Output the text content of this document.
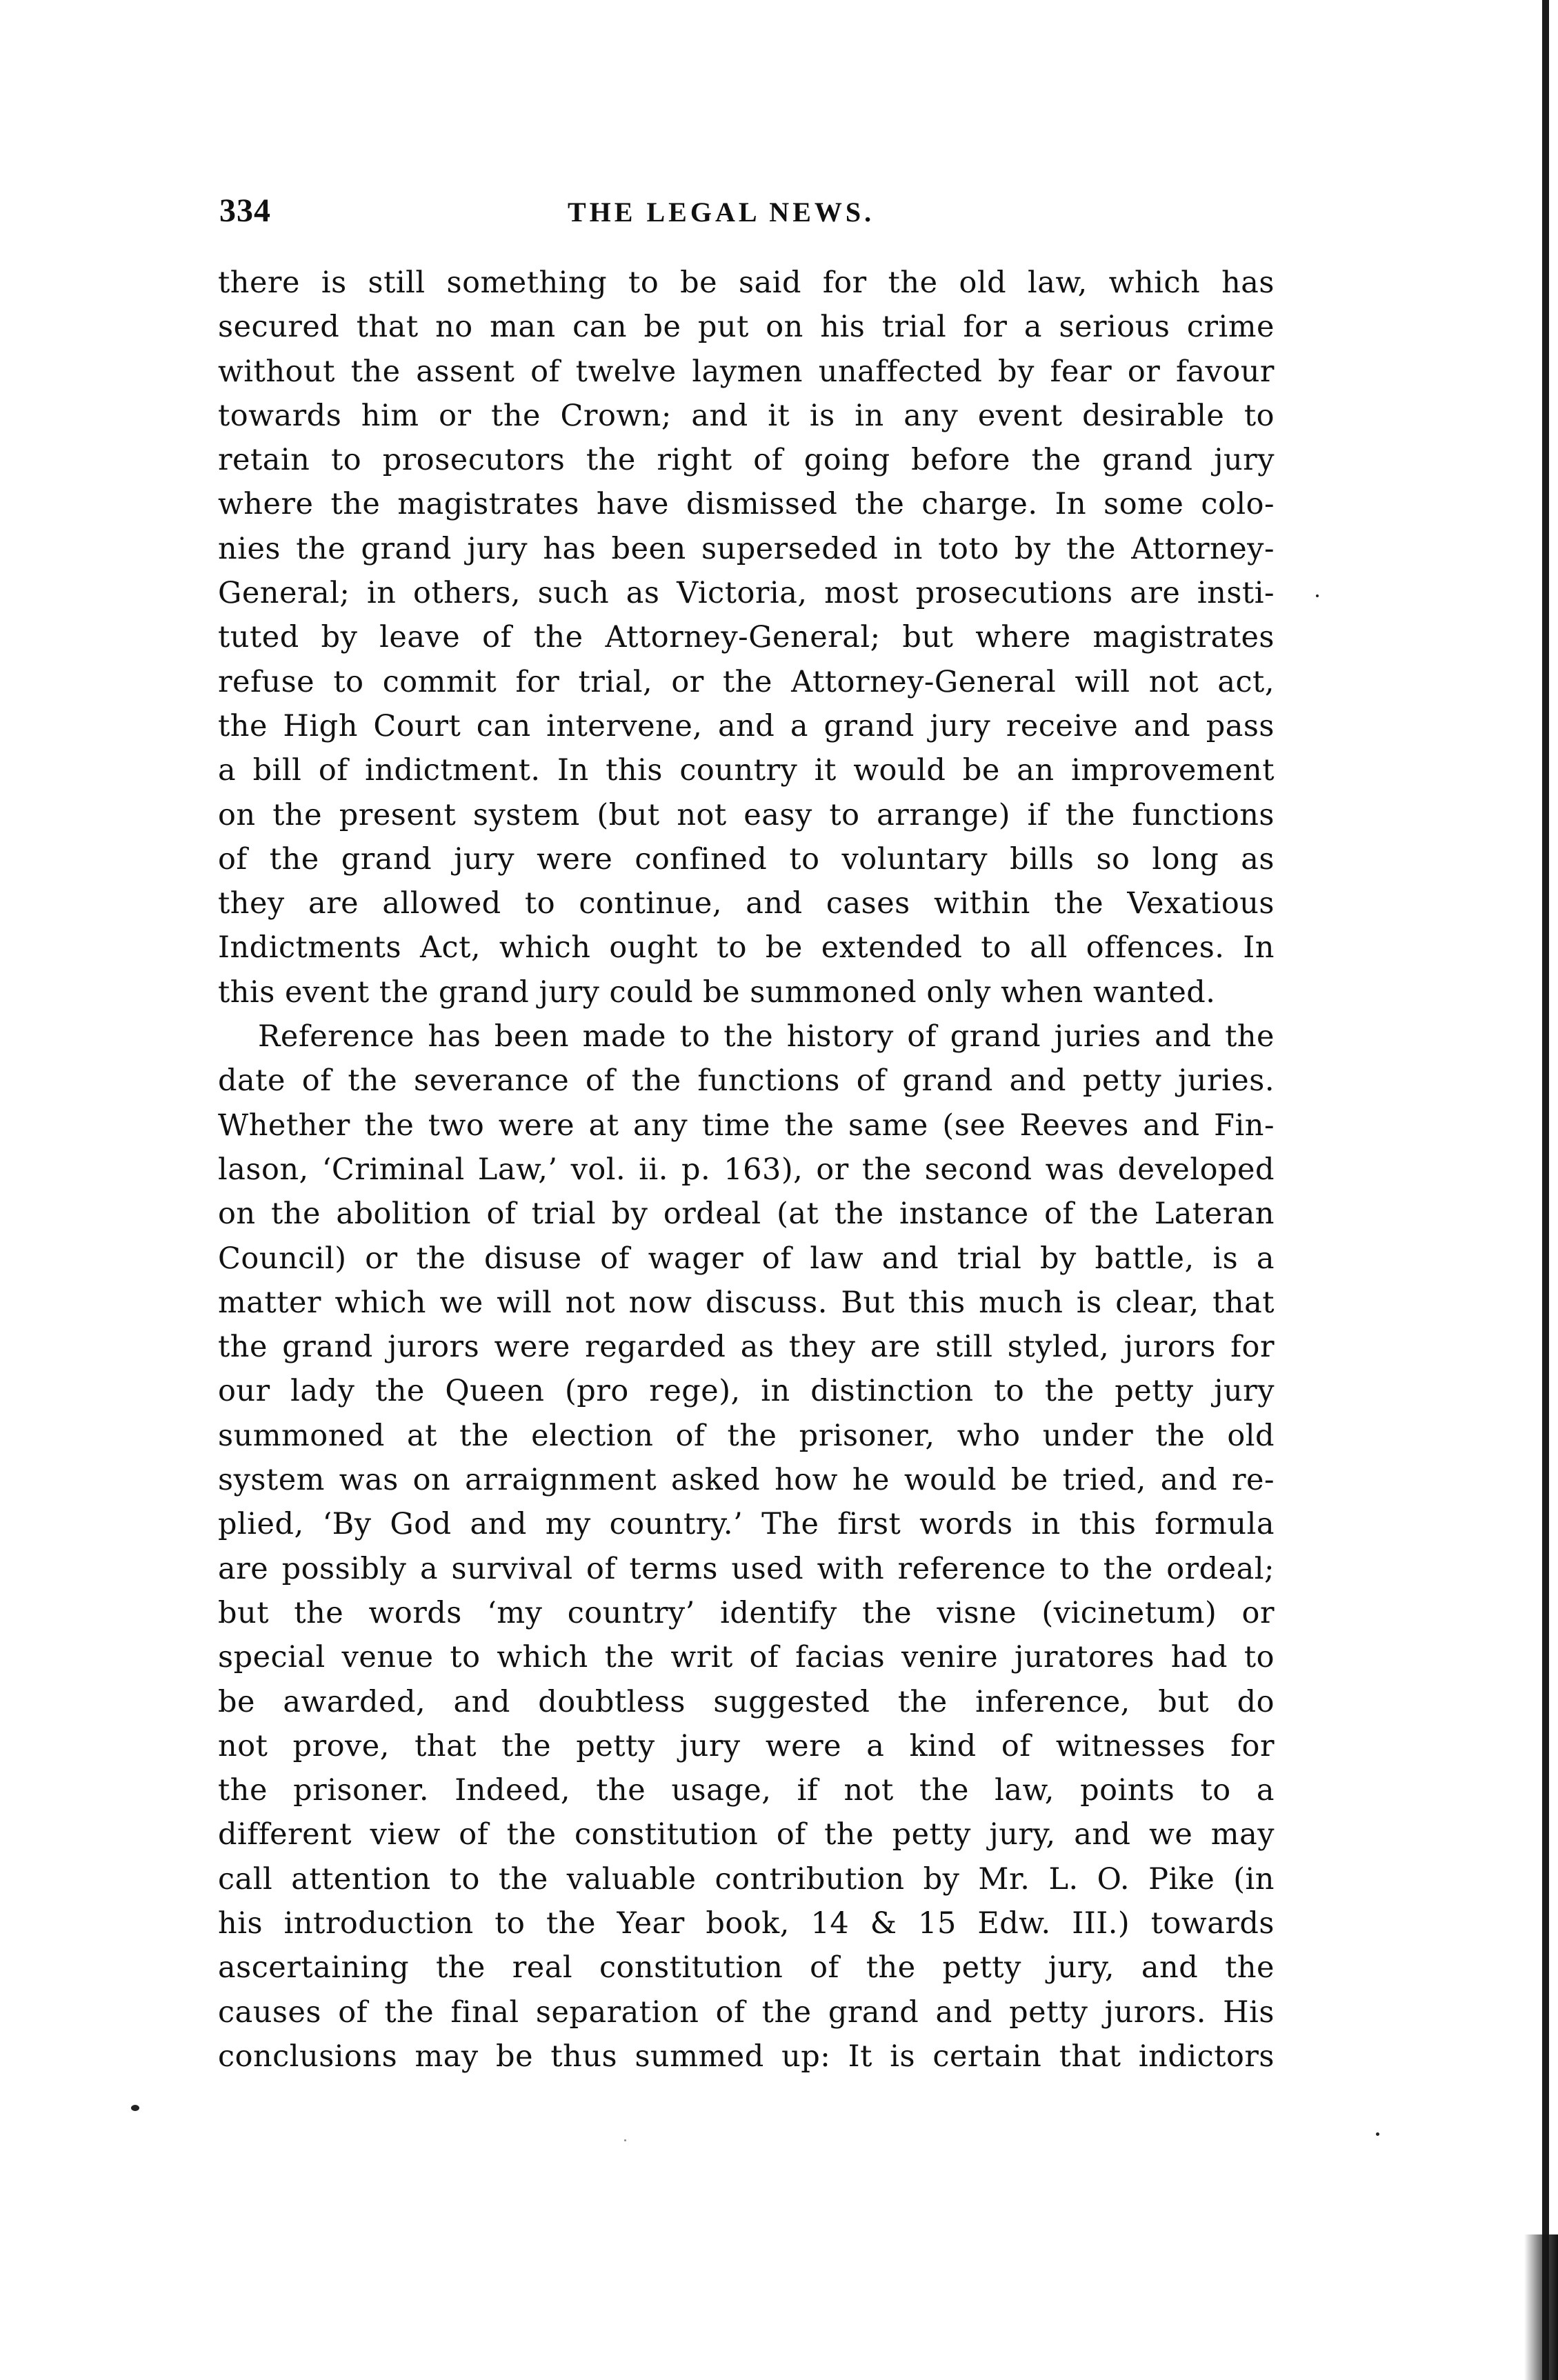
334	THE LEGAL NEWS.
there is still something to be said for the old law, which has
secured that no man can be put on his trial for a serious crime
without the assent of twelve laymen unaffected by fear or favour
towards him or the Crown; and it is in any event desirable to
retain to prosecutors the right of going before the grand jury
where the magistrates have dismissed the charge. In some colo-
nies the grand jury has been superseded in toto by the Attorney-
General; in others, such as Victoria, most prosecutions are insti-
tuted by leave of the Attorney-General; but where magistrates
refuse to commit for trial, or the Attorney-General will not act,
the High Court can intervene, and a grand jury receive and pass
a bill of indictment. In this country it would be an improvement
on the present system (but not easy to arrange) if the functions
of the grand jury were confined to voluntary bills so long as
they are allowed to continue, and cases within the Vexatious
Indictments Act, which ought to be extended to all offences. In
this event the grand jury could be summoned only when wanted.
Reference has been made to the history of grand juries and the
date of the severance of the functions of grand and petty juries.
Whether the two were at any time the same (see Reeves and Fin-
lason, ‘Criminal Law,’ vol. ii. p. 163), or the second was developed
on the abolition of trial by ordeal (at the instance of the Lateran
Council) or the disuse of wager of law and trial by battle, is a
matter which we will not now discuss. But this much is clear, that
the grand jurors were regarded as they are still styled, jurors for
our lady the Queen (pro rege), in distinction to the petty jury
summoned at the election of the prisoner, who under the old
system was on arraignment asked how he would be tried, and re-
plied, ‘By God and my country.’ The first words in this formula
are possibly a survival of terms used with reference to the ordeal;
but the words ‘my country’ identify the visne (vicinetum) or
special venue to which the writ of facias venire juratores had to
be awarded, and doubtless suggested the inference, but do
not prove, that the petty jury were a kind of witnesses for
the prisoner. Indeed, the usage, if not the law, points to a
different view of the constitution of the petty jury, and we may
call attention to the valuable contribution by Mr. L. O. Pike (in
his introduction to the Year book, 14 & 15 Edw. III.) towards
ascertaining the real constitution of the petty jury, and the
causes of the final separation of the grand and petty jurors. His
conclusions may be thus summed up: It is certain that indictors
